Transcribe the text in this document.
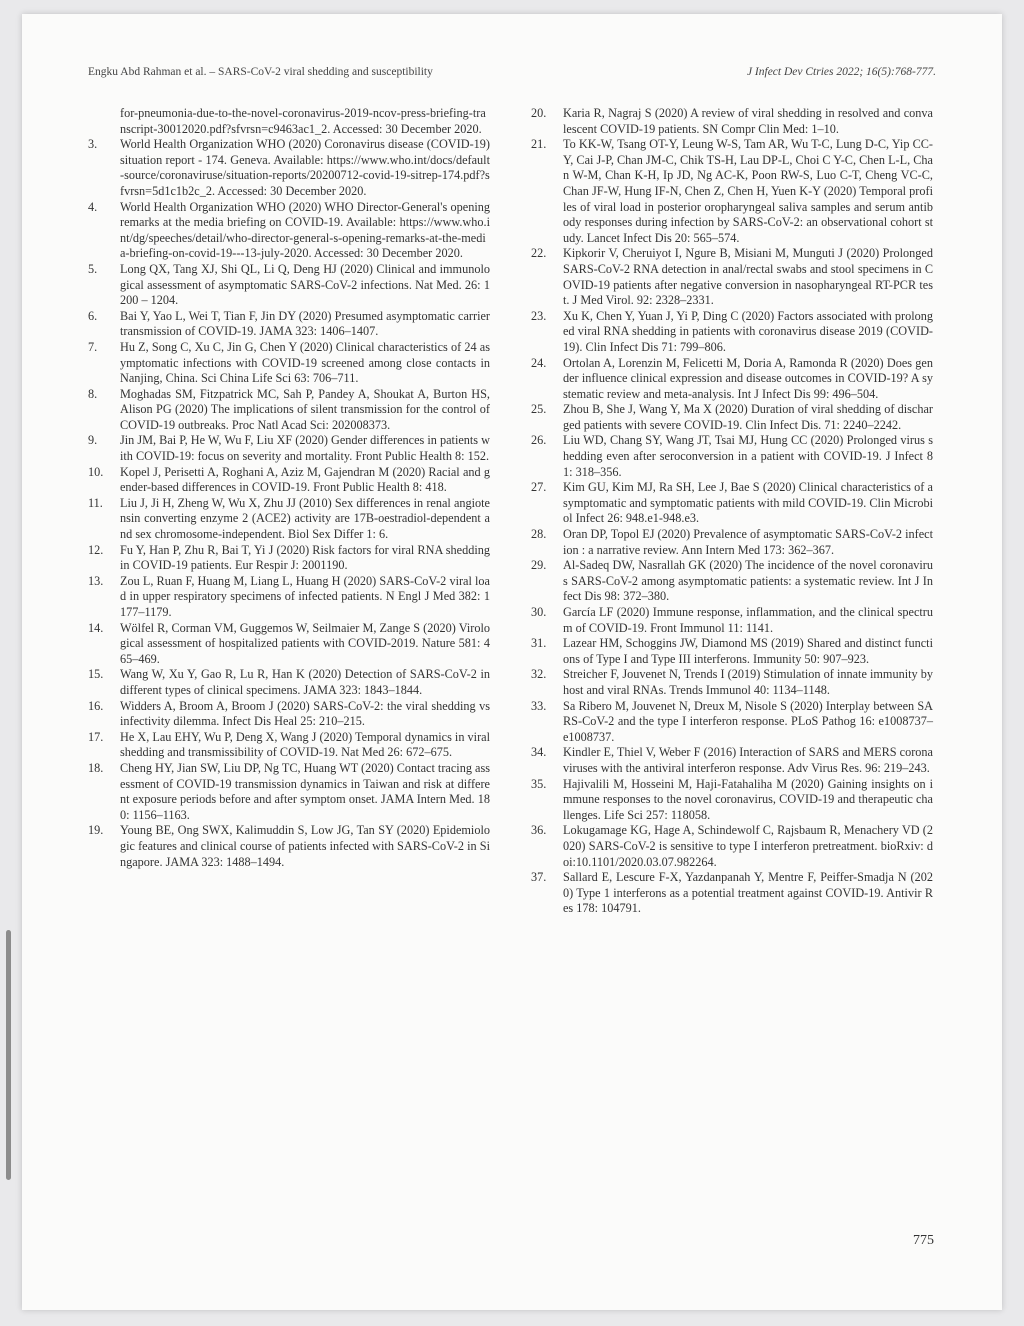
Engku Abd Rahman et al. – SARS-CoV-2 viral shedding and susceptibility	J Infect Dev Ctries 2022; 16(5):768-777.
for-pneumonia-due-to-the-novel-coronavirus-2019-ncov-press-briefing-transcript-30012020.pdf?sfvrsn=c9463ac1_2. Accessed: 30 December 2020.
3.	World Health Organization WHO (2020) Coronavirus disease (COVID-19) situation report - 174. Geneva. Available: https://www.who.int/docs/default-source/coronaviruse/situation-reports/20200712-covid-19-sitrep-174.pdf?sfvrsn=5d1c1b2c_2. Accessed: 30 December 2020.
4.	World Health Organization WHO (2020) WHO Director-General's opening remarks at the media briefing on COVID-19. Available: https://www.who.int/dg/speeches/detail/who-director-general-s-opening-remarks-at-the-media-briefing-on-covid-19---13-july-2020. Accessed: 30 December 2020.
5.	Long QX, Tang XJ, Shi QL, Li Q, Deng HJ (2020) Clinical and immunological assessment of asymptomatic SARS-CoV-2 infections. Nat Med. 26: 1200 – 1204.
6.	Bai Y, Yao L, Wei T, Tian F, Jin DY (2020) Presumed asymptomatic carrier transmission of COVID-19. JAMA 323: 1406–1407.
7.	Hu Z, Song C, Xu C, Jin G, Chen Y (2020) Clinical characteristics of 24 asymptomatic infections with COVID-19 screened among close contacts in Nanjing, China. Sci China Life Sci 63: 706–711.
8.	Moghadas SM, Fitzpatrick MC, Sah P, Pandey A, Shoukat A, Burton HS, Alison PG (2020) The implications of silent transmission for the control of COVID-19 outbreaks. Proc Natl Acad Sci: 202008373.
9.	Jin JM, Bai P, He W, Wu F, Liu XF (2020) Gender differences in patients with COVID-19: focus on severity and mortality. Front Public Health 8: 152.
10.	Kopel J, Perisetti A, Roghani A, Aziz M, Gajendran M (2020) Racial and gender-based differences in COVID-19. Front Public Health 8: 418.
11.	Liu J, Ji H, Zheng W, Wu X, Zhu JJ (2010) Sex differences in renal angiotensin converting enzyme 2 (ACE2) activity are 17B-oestradiol-dependent and sex chromosome-independent. Biol Sex Differ 1: 6.
12.	Fu Y, Han P, Zhu R, Bai T, Yi J (2020) Risk factors for viral RNA shedding in COVID-19 patients. Eur Respir J: 2001190.
13.	Zou L, Ruan F, Huang M, Liang L, Huang H (2020) SARS-CoV-2 viral load in upper respiratory specimens of infected patients. N Engl J Med 382: 1177–1179.
14.	Wölfel R, Corman VM, Guggemos W, Seilmaier M, Zange S (2020) Virological assessment of hospitalized patients with COVID-2019. Nature 581: 465–469.
15.	Wang W, Xu Y, Gao R, Lu R, Han K (2020) Detection of SARS-CoV-2 in different types of clinical specimens. JAMA 323: 1843–1844.
16.	Widders A, Broom A, Broom J (2020) SARS-CoV-2: the viral shedding vs infectivity dilemma. Infect Dis Heal 25: 210–215.
17.	He X, Lau EHY, Wu P, Deng X, Wang J (2020) Temporal dynamics in viral shedding and transmissibility of COVID-19. Nat Med 26: 672–675.
18.	Cheng HY, Jian SW, Liu DP, Ng TC, Huang WT (2020) Contact tracing assessment of COVID-19 transmission dynamics in Taiwan and risk at different exposure periods before and after symptom onset. JAMA Intern Med. 180: 1156–1163.
19.	Young BE, Ong SWX, Kalimuddin S, Low JG, Tan SY (2020) Epidemiologic features and clinical course of patients infected with SARS-CoV-2 in Singapore. JAMA 323: 1488–1494.
20.	Karia R, Nagraj S (2020) A review of viral shedding in resolved and convalescent COVID-19 patients. SN Compr Clin Med: 1–10.
21.	To KK-W, Tsang OT-Y, Leung W-S, Tam AR, Wu T-C, Lung D-C, Yip CC-Y, Cai J-P, Chan JM-C, Chik TS-H, Lau DP-L, Choi C Y-C, Chen L-L, Chan W-M, Chan K-H, Ip JD, Ng AC-K, Poon RW-S, Luo C-T, Cheng VC-C, Chan JF-W, Hung IF-N, Chen Z, Chen H, Yuen K-Y (2020) Temporal profiles of viral load in posterior oropharyngeal saliva samples and serum antibody responses during infection by SARS-CoV-2: an observational cohort study. Lancet Infect Dis 20: 565–574.
22.	Kipkorir V, Cheruiyot I, Ngure B, Misiani M, Munguti J (2020) Prolonged SARS-CoV-2 RNA detection in anal/rectal swabs and stool specimens in COVID-19 patients after negative conversion in nasopharyngeal RT-PCR test. J Med Virol. 92: 2328–2331.
23.	Xu K, Chen Y, Yuan J, Yi P, Ding C (2020) Factors associated with prolonged viral RNA shedding in patients with coronavirus disease 2019 (COVID-19). Clin Infect Dis 71: 799–806.
24.	Ortolan A, Lorenzin M, Felicetti M, Doria A, Ramonda R (2020) Does gender influence clinical expression and disease outcomes in COVID-19? A systematic review and meta-analysis. Int J Infect Dis 99: 496–504.
25.	Zhou B, She J, Wang Y, Ma X (2020) Duration of viral shedding of discharged patients with severe COVID-19. Clin Infect Dis. 71: 2240–2242.
26.	Liu WD, Chang SY, Wang JT, Tsai MJ, Hung CC (2020) Prolonged virus shedding even after seroconversion in a patient with COVID-19. J Infect 81: 318–356.
27.	Kim GU, Kim MJ, Ra SH, Lee J, Bae S (2020) Clinical characteristics of asymptomatic and symptomatic patients with mild COVID-19. Clin Microbiol Infect 26: 948.e1-948.e3.
28.	Oran DP, Topol EJ (2020) Prevalence of asymptomatic SARS-CoV-2 infection : a narrative review. Ann Intern Med 173: 362–367.
29.	Al-Sadeq DW, Nasrallah GK (2020) The incidence of the novel coronavirus SARS-CoV-2 among asymptomatic patients: a systematic review. Int J Infect Dis 98: 372–380.
30.	García LF (2020) Immune response, inflammation, and the clinical spectrum of COVID-19. Front Immunol 11: 1141.
31.	Lazear HM, Schoggins JW, Diamond MS (2019) Shared and distinct functions of Type I and Type III interferons. Immunity 50: 907–923.
32.	Streicher F, Jouvenet N, Trends I (2019) Stimulation of innate immunity by host and viral RNAs. Trends Immunol 40: 1134–1148.
33.	Sa Ribero M, Jouvenet N, Dreux M, Nisole S (2020) Interplay between SARS-CoV-2 and the type I interferon response. PLoS Pathog 16: e1008737–e1008737.
34.	Kindler E, Thiel V, Weber F (2016) Interaction of SARS and MERS coronaviruses with the antiviral interferon response. Adv Virus Res. 96: 219–243.
35.	Hajivalili M, Hosseini M, Haji-Fatahaliha M (2020) Gaining insights on immune responses to the novel coronavirus, COVID-19 and therapeutic challenges. Life Sci 257: 118058.
36.	Lokugamage KG, Hage A, Schindewolf C, Rajsbaum R, Menachery VD (2020) SARS-CoV-2 is sensitive to type I interferon pretreatment. bioRxiv: doi:10.1101/2020.03.07.982264.
37.	Sallard E, Lescure F-X, Yazdanpanah Y, Mentre F, Peiffer-Smadja N (2020) Type 1 interferons as a potential treatment against COVID-19. Antivir Res 178: 104791.
775
